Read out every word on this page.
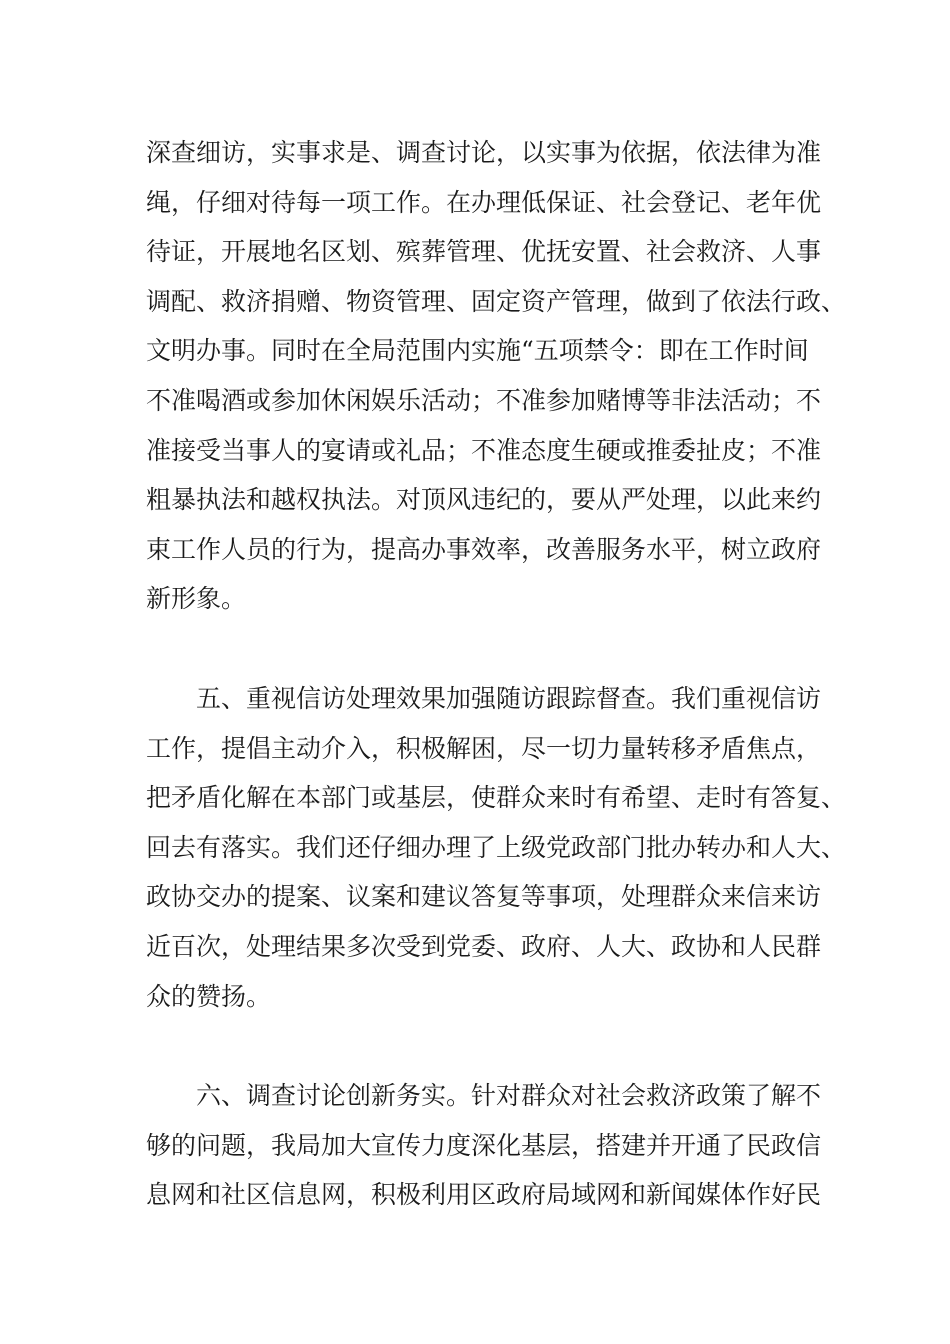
深查细访，实事求是、调查讨论，以实事为依据，依法律为准
绳，仔细对待每一项工作。在办理低保证、社会登记、老年优
待证，开展地名区划、殡葬管理、优抚安置、社会救济、人事
调配、救济捐赠、物资管理、固定资产管理，做到了依法行政、
文明办事。同时在全局范围内实施“五项禁令：即在工作时间
不准喝酒或参加休闲娱乐活动；不准参加赌博等非法活动；不
准接受当事人的宴请或礼品；不准态度生硬或推委扯皮；不准
粗暴执法和越权执法。对顶风违纪的，要从严处理，以此来约
束工作人员的行为，提高办事效率，改善服务水平，树立政府
新形象。
　　五、重视信访处理效果加强随访跟踪督查。我们重视信访
工作，提倡主动介入，积极解困，尽一切力量转移矛盾焦点，
把矛盾化解在本部门或基层，使群众来时有希望、走时有答复、
回去有落实。我们还仔细办理了上级党政部门批办转办和人大、
政协交办的提案、议案和建议答复等事项，处理群众来信来访
近百次，处理结果多次受到党委、政府、人大、政协和人民群
众的赞扬。
　　六、调查讨论创新务实。针对群众对社会救济政策了解不
够的问题，我局加大宣传力度深化基层，搭建并开通了民政信
息网和社区信息网，积极利用区政府局域网和新闻媒体作好民
